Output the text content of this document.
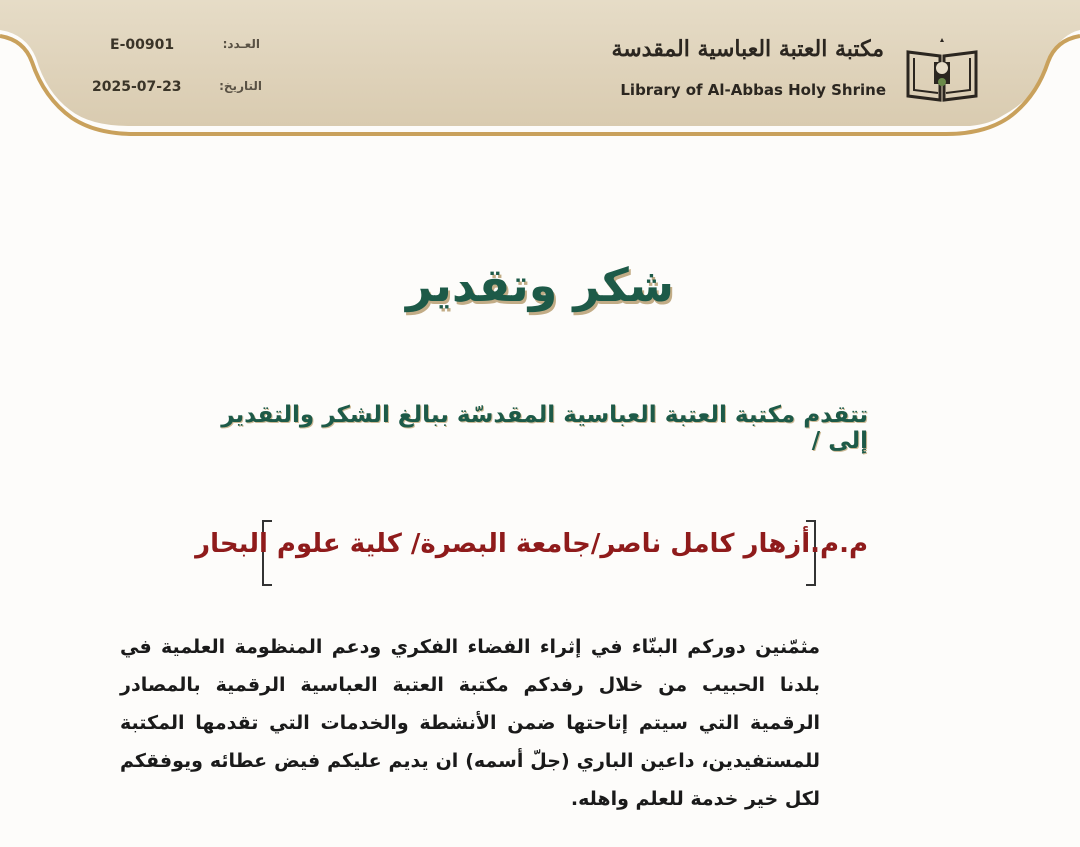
العـدد:
E-00901
التاريخ:
2025-07-23
مكتبة العتبة العباسية المقدسة
Library of Al-Abbas Holy Shrine
شكر وتقدير
تتقدم مكتبة العتبة العباسية المقدسّة ببالغ الشكر والتقدير إلى /
م.م.أزهار كامل ناصر/جامعة البصرة/ كلية علوم البحار
مثمّنين دوركم البنّاء في إثراء الفضاء الفكري ودعم المنظومة العلمية في بلدنا الحبيب من خلال رفدكم مكتبة العتبة العباسية الرقمية بالمصادر الرقمية التي سيتم إتاحتها ضمن الأنشطة والخدمات التي تقدمها المكتبة للمستفيدين، داعين الباري (جلّ أسمه) ان يديم عليكم فيض عطائه ويوفقكم لكل خير خدمة للعلم واهله.
